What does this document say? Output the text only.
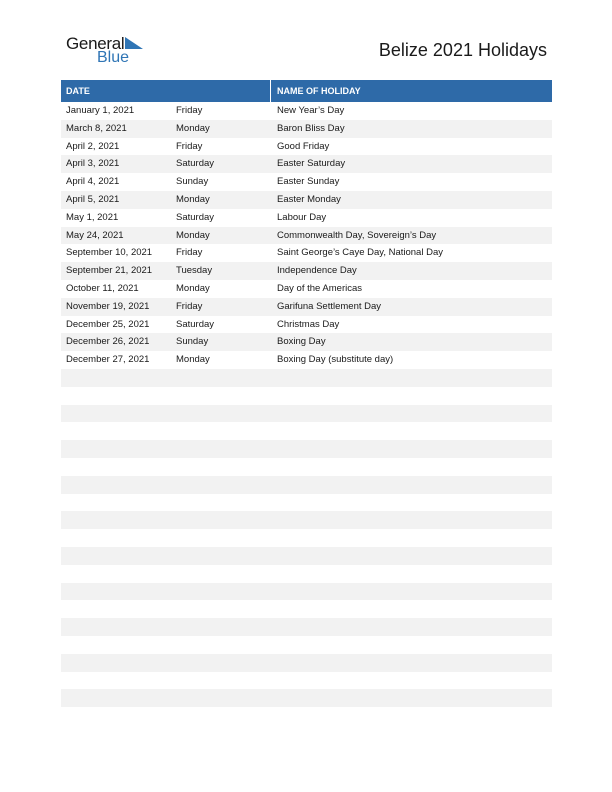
General
Blue	Belize 2021 Holidays
DATE	NAME OF HOLIDAY
January 1, 2021	Friday	New Year’s Day
March 8, 2021	Monday	Baron Bliss Day
April 2, 2021	Friday	Good Friday
April 3, 2021	Saturday	Easter Saturday
April 4, 2021	Sunday	Easter Sunday
April 5, 2021	Monday	Easter Monday
May 1, 2021	Saturday	Labour Day
May 24, 2021	Monday	Commonwealth Day, Sovereign’s Day
September 10, 2021	Friday	Saint George’s Caye Day, National Day
September 21, 2021	Tuesday	Independence Day
October 11, 2021	Monday	Day of the Americas
November 19, 2021	Friday	Garifuna Settlement Day
December 25, 2021	Saturday	Christmas Day
December 26, 2021	Sunday	Boxing Day
December 27, 2021	Monday	Boxing Day (substitute day)
